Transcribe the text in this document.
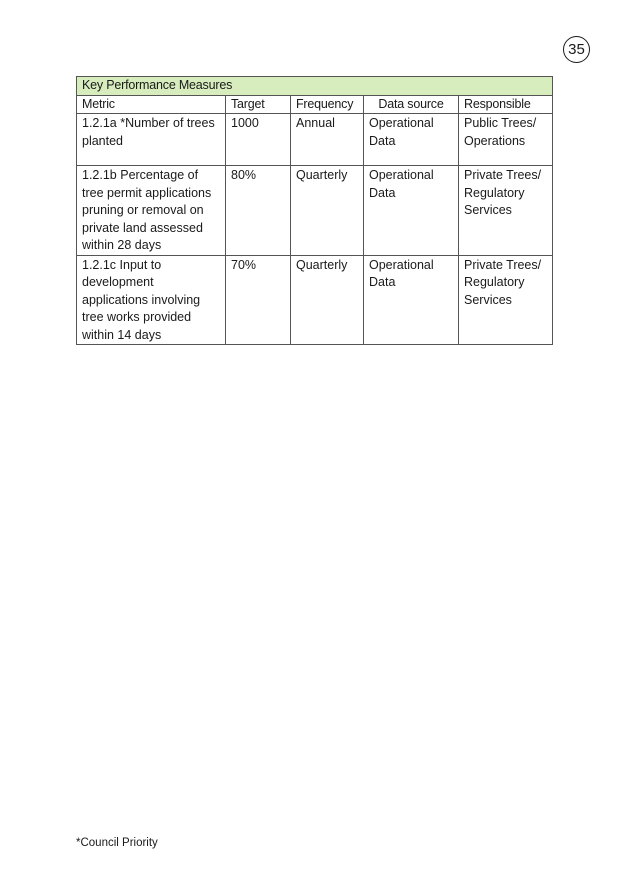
35
Key Performance Measures				
Metric	Target	Frequency	Data source	Responsible
1.2.1a *Number of trees planted	1000	Annual	Operational Data	Public Trees/ Operations
1.2.1b Percentage of tree permit applications pruning or removal on private land assessed within 28 days	80%	Quarterly	Operational Data	Private Trees/ Regulatory Services
1.2.1c Input to development applications involving tree works provided within 14 days	70%	Quarterly	Operational Data	Private Trees/ Regulatory Services
*Council Priority
